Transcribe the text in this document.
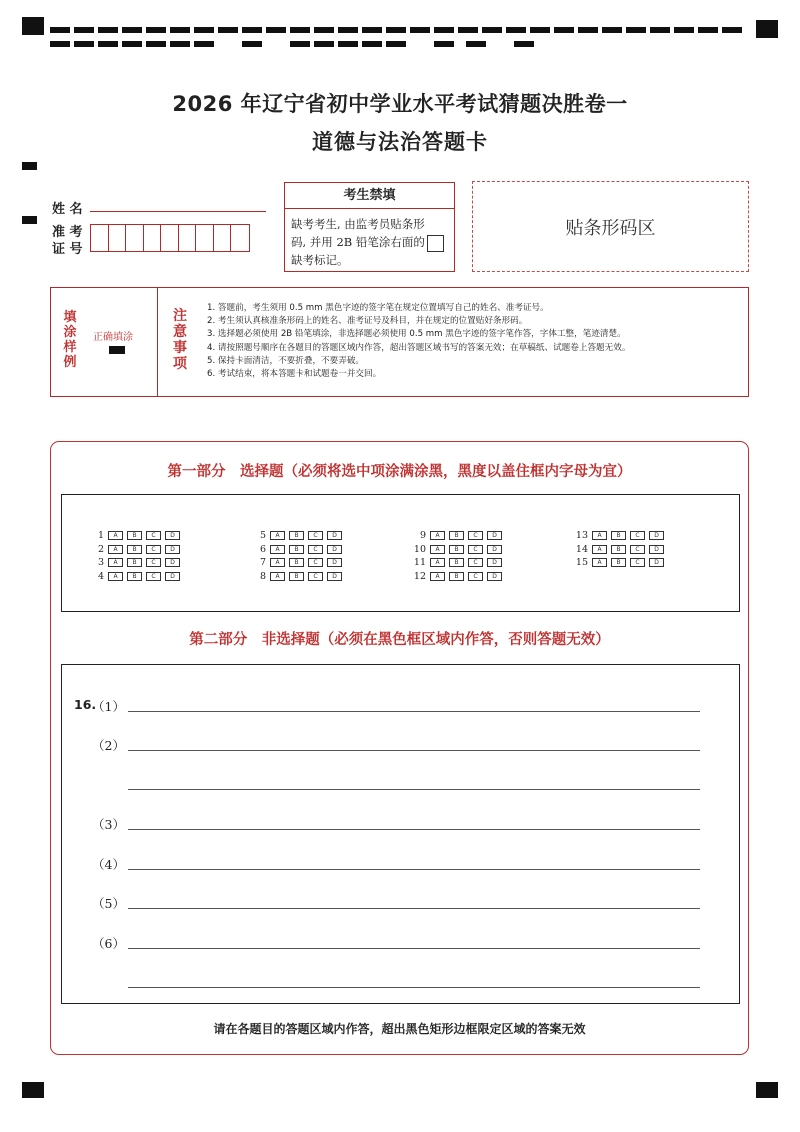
2026 年辽宁省初中学业水平考试猜题决胜卷一
道德与法治答题卡
姓 名
准 考
证 号
考生禁填
缺考考生, 由监考员贴条形码, 并用 2B 铅笔涂右面的缺考标记。
贴条形码区
填
涂
样
例
正确填涂
注
意
事
项
1. 答题前，考生须用 0.5 mm 黑色字迹的签字笔在规定位置填写自己的姓名、准考证号。
2. 考生须认真核准条形码上的姓名、准考证号及科目，并在规定的位置贴好条形码。
3. 选择题必须使用 2B 铅笔填涂，非选择题必须使用 0.5 mm 黑色字迹的签字笔作答，字体工整，笔迹清楚。
4. 请按照题号顺序在各题目的答题区域内作答，超出答题区域书写的答案无效；在草稿纸、试题卷上答题无效。
5. 保持卡面清洁，不要折叠，不要弄破。
6. 考试结束，将本答题卡和试题卷一并交回。
第一部分　选择题（必须将选中项涂满涂黑，黑度以盖住框内字母为宜）
1	A	B	C	D
2	A	B	C	D
3	A	B	C	D
4	A	B	C	D
5	A	B	C	D
6	A	B	C	D
7	A	B	C	D
8	A	B	C	D
9	A	B	C	D
10	A	B	C	D
11	A	B	C	D
12	A	B	C	D
13	A	B	C	D
14	A	B	C	D
15	A	B	C	D
第二部分　非选择题（必须在黑色框区域内作答，否则答题无效）
16.
（1）
（2）
（3）
（4）
（5）
（6）
请在各题目的答题区域内作答，超出黑色矩形边框限定区域的答案无效
